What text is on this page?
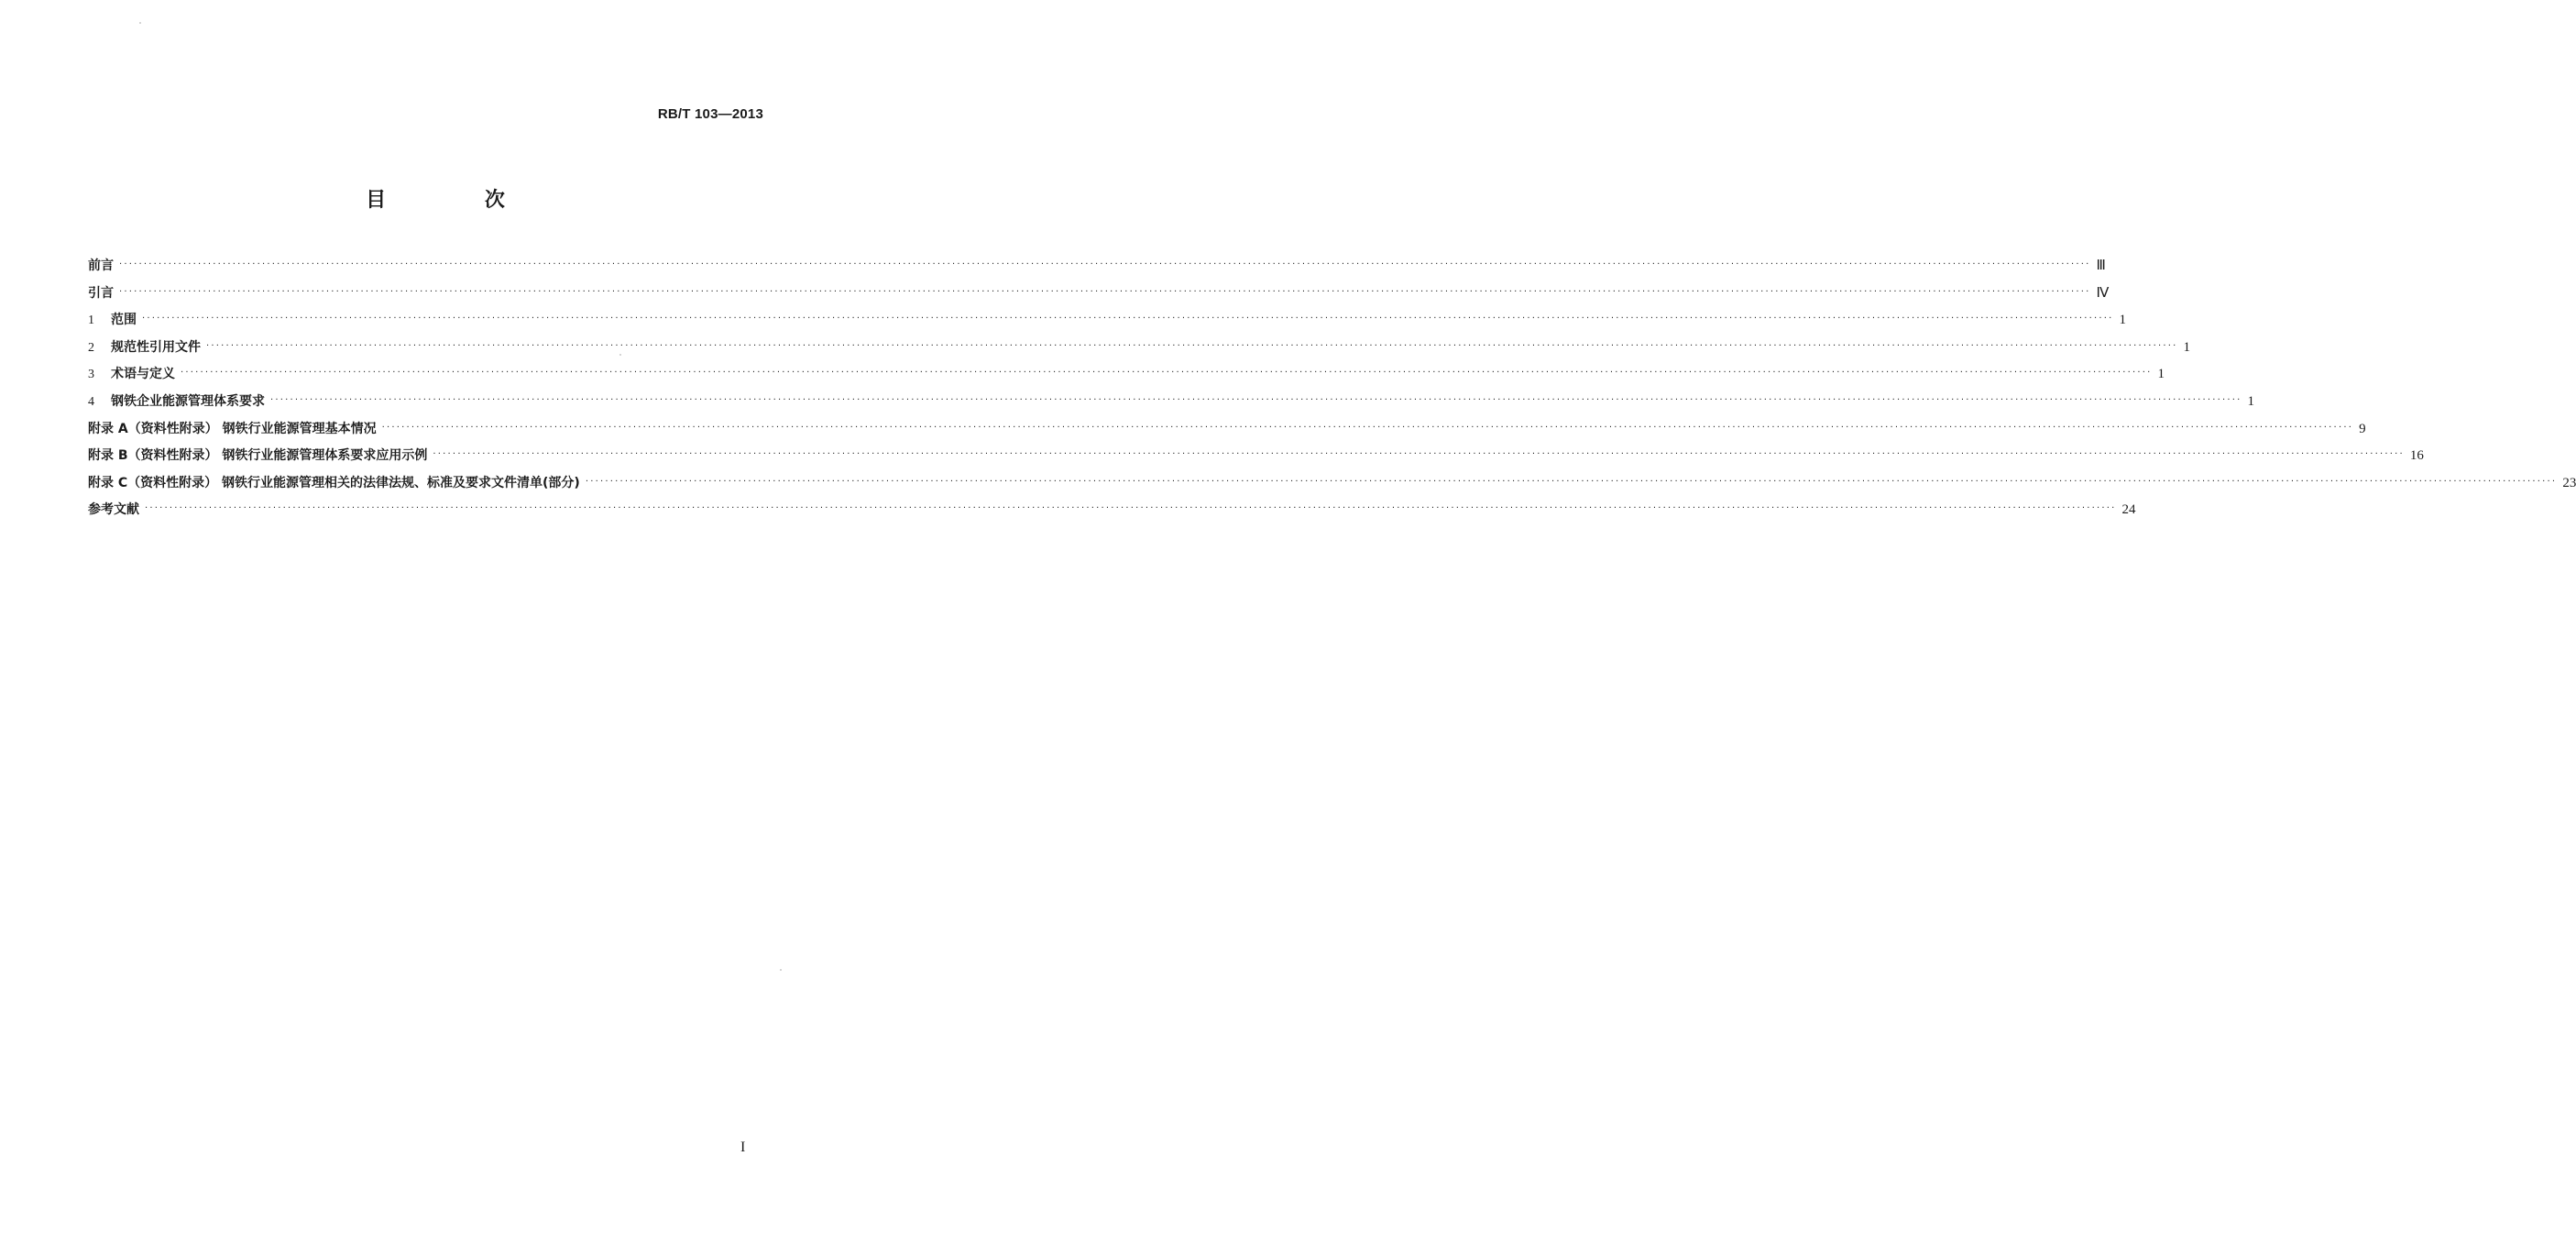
RB/T 103—2013
目 次
前言 ················································································································································································································································································································································································································ Ⅲ
引言 ················································································································································································································································································································································································································ Ⅳ
1 范围 ················································································································································································································································································································································································································ 1
2 规范性引用文件 ················································································································································································································································································································································································································ 1
3 术语与定义 ················································································································································································································································································································································································································ 1
4 钢铁企业能源管理体系要求 ················································································································································································································································································································································································································ 1
附录 A（资料性附录） 钢铁行业能源管理基本情况 ················································································································································································································································································································································································································ 9
附录 B（资料性附录） 钢铁行业能源管理体系要求应用示例 ················································································································································································································································································································································································································ 16
附录 C（资料性附录） 钢铁行业能源管理相关的法律法规、标准及要求文件清单(部分) ················································································································································································································································································································································································································ 23
参考文献 ················································································································································································································································································································································································································ 24
I
